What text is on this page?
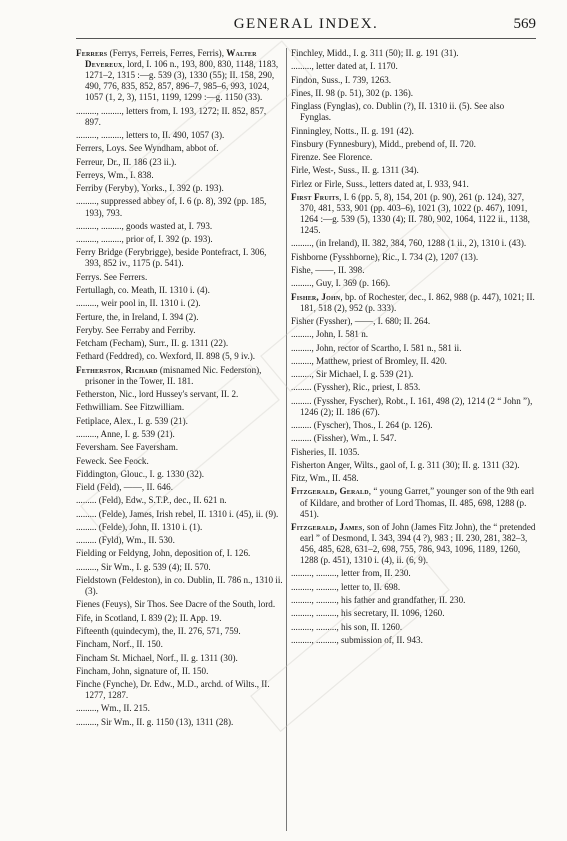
GENERAL INDEX.	569
Ferrers (Ferrys, Ferreis, Ferres, Ferris), Walter Devereux, lord, I. 106 n., 193, 800, 830, 1148, 1183, 1271–2, 1315 :—g. 539 (3), 1330 (55); II. 158, 290, 490, 776, 835, 852, 857, 896–7, 985–6, 993, 1024, 1057 (1, 2, 3), 1151, 1199, 1299 :—g. 1150 (33).
........., ........., letters from, I. 193, 1272; II. 852, 857, 897.
........., ........., letters to, II. 490, 1057 (3).
Ferrers, Loys. See Wyndham, abbot of.
Ferreur, Dr., II. 186 (23 ii.).
Ferreys, Wm., I. 838.
Ferriby (Feryby), Yorks., I. 392 (p. 193).
........., suppressed abbey of, I. 6 (p. 8), 392 (pp. 185, 193), 793.
........., ........., goods wasted at, I. 793.
........., ........., prior of, I. 392 (p. 193).
Ferry Bridge (Ferybrigge), beside Pontefract, I. 306, 393, 852 iv., 1175 (p. 541).
Ferrys. See Ferrers.
Fertullagh, co. Meath, II. 1310 i. (4).
........., weir pool in, II. 1310 i. (2).
Ferture, the, in Ireland, I. 394 (2).
Feryby. See Ferraby and Ferriby.
Fetcham (Fecham), Surr., II. g. 1311 (22).
Fethard (Feddred), co. Wexford, II. 898 (5, 9 iv.).
Fetherston, Richard (misnamed Nic. Federston), prisoner in the Tower, II. 181.
Fetherston, Nic., lord Hussey's servant, II. 2.
Fethwilliam. See Fitzwilliam.
Fetiplace, Alex., I. g. 539 (21).
........., Anne, I. g. 539 (21).
Feversham. See Faversham.
Feweck. See Feock.
Fiddington, Glouc., I. g. 1330 (32).
Field (Feld), ——, II. 646.
......... (Feld), Edw., S.T.P., dec., II. 621 n.
......... (Felde), James, Irish rebel, II. 1310 i. (45), ii. (9).
......... (Felde), John, II. 1310 i. (1).
......... (Fyld), Wm., II. 530.
Fielding or Feldyng, John, deposition of, I. 126.
........., Sir Wm., I. g. 539 (4); II. 570.
Fieldstown (Feldeston), in co. Dublin, II. 786 n., 1310 ii. (3).
Fienes (Feuys), Sir Thos. See Dacre of the South, lord.
Fife, in Scotland, I. 839 (2); II. App. 19.
Fifteenth (quindecym), the, II. 276, 571, 759.
Fincham, Norf., II. 150.
Fincham St. Michael, Norf., II. g. 1311 (30).
Fincham, John, signature of, II. 150.
Finche (Fynche), Dr. Edw., M.D., archd. of Wilts., II. 1277, 1287.
........., Wm., II. 215.
........., Sir Wm., II. g. 1150 (13), 1311 (28).
Finchley, Midd., I. g. 311 (50); II. g. 191 (31).
........., letter dated at, I. 1170.
Findon, Suss., I. 739, 1263.
Fines, II. 98 (p. 51), 302 (p. 136).
Finglass (Fynglas), co. Dublin (?), II. 1310 ii. (5). See also Fynglas.
Finningley, Notts., II. g. 191 (42).
Finsbury (Fynnesbury), Midd., prebend of, II. 720.
Firenze. See Florence.
Firle, West-, Suss., II. g. 1311 (34).
Firlez or Firle, Suss., letters dated at, I. 933, 941.
First Fruits, I. 6 (pp. 5, 8), 154, 201 (p. 90), 261 (p. 124), 327, 370, 481, 533, 901 (pp. 403–6), 1021 (3), 1022 (p. 467), 1091, 1264 :—g. 539 (5), 1330 (4); II. 780, 902, 1064, 1122 ii., 1138, 1245.
........., (in Ireland), II. 382, 384, 760, 1288 (1 ii., 2), 1310 i. (43).
Fishborne (Fysshborne), Ric., I. 734 (2), 1207 (13).
Fishe, ——, II. 398.
........., Guy, I. 369 (p. 166).
Fisher, John, bp. of Rochester, dec., I. 862, 988 (p. 447), 1021; II. 181, 518 (2), 952 (p. 333).
Fisher (Fyssher), ——, I. 680; II. 264.
........., John, I. 581 n.
........., John, rector of Scartho, I. 581 n., 581 ii.
........., Matthew, priest of Bromley, II. 420.
........., Sir Michael, I. g. 539 (21).
......... (Fyssher), Ric., priest, I. 853.
......... (Fyssher, Fyscher), Robt., I. 161, 498 (2), 1214 (2 “ John ”), 1246 (2); II. 186 (67).
......... (Fyscher), Thos., I. 264 (p. 126).
......... (Fissher), Wm., I. 547.
Fisheries, II. 1035.
Fisherton Anger, Wilts., gaol of, I. g. 311 (30); II. g. 1311 (32).
Fitz, Wm., II. 458.
Fitzgerald, Gerald, “ young Garret,” younger son of the 9th earl of Kildare, and brother of Lord Thomas, II. 485, 698, 1288 (p. 451).
Fitzgerald, James, son of John (James Fitz John), the “ pretended earl ” of Desmond, I. 343, 394 (4 ?), 983 ; II. 230, 281, 382–3, 456, 485, 628, 631–2, 698, 755, 786, 943, 1096, 1189, 1260, 1288 (p. 451), 1310 i. (4), ii. (6, 9).
........., ........., letter from, II. 230.
........., ........., letter to, II. 698.
........., ........., his father and grandfather, II. 230.
........., ........., his secretary, II. 1096, 1260.
........., ........., his son, II. 1260.
........., ........., submission of, II. 943.
